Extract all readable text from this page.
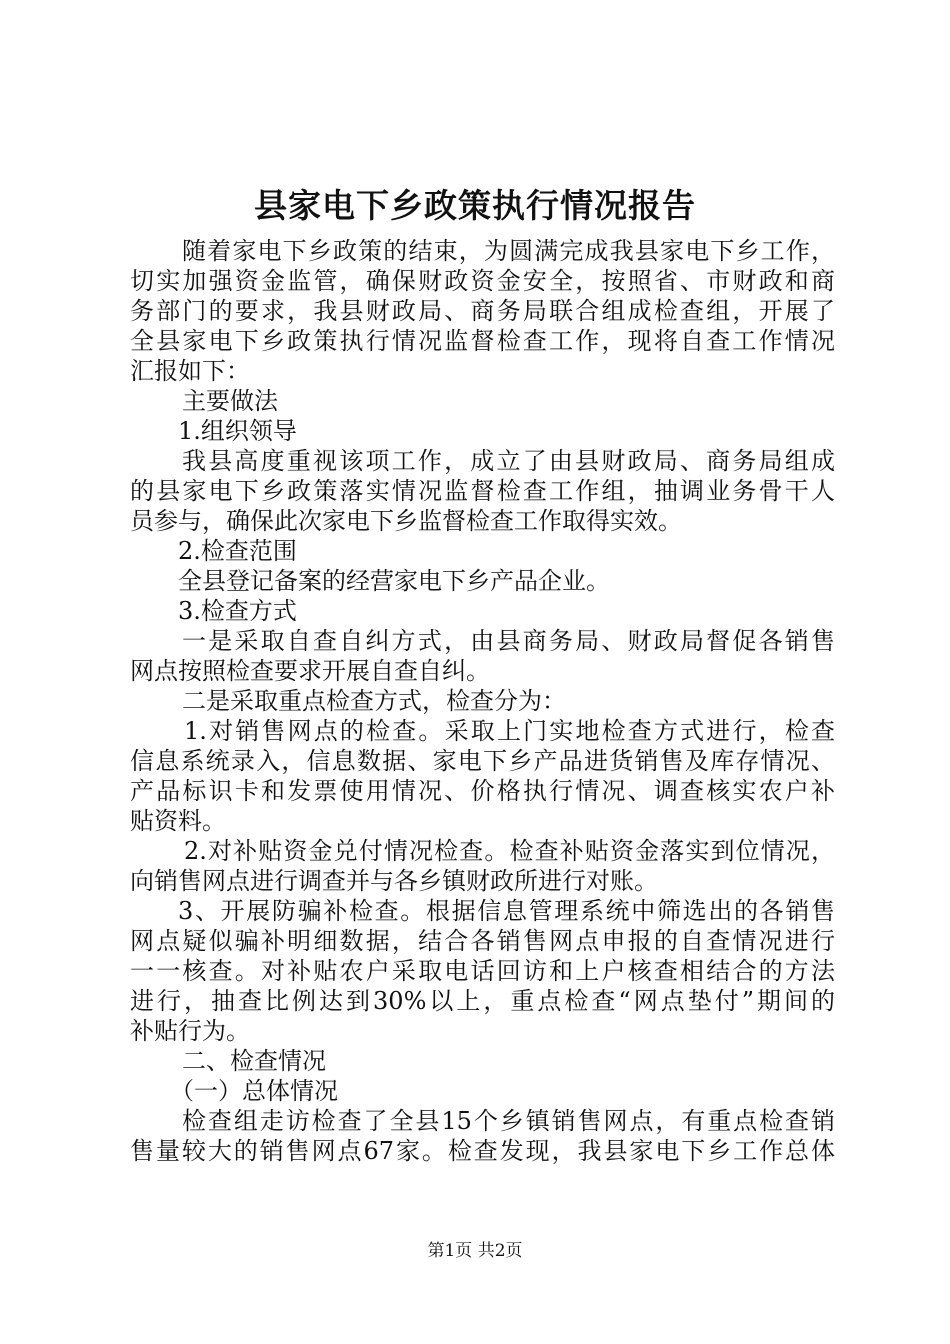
县家电下乡政策执行情况报告
随着家电下乡政策的结束，为圆满完成我县家电下乡工作，
切实加强资金监管，确保财政资金安全，按照省、市财政和商
务部门的要求，我县财政局、商务局联合组成检查组，开展了
全县家电下乡政策执行情况监督检查工作，现将自查工作情况
汇报如下：
主要做法
1.组织领导
我县高度重视该项工作，成立了由县财政局、商务局组成
的县家电下乡政策落实情况监督检查工作组，抽调业务骨干人
员参与，确保此次家电下乡监督检查工作取得实效。
2.检查范围
全县登记备案的经营家电下乡产品企业。
3.检查方式
一是采取自查自纠方式，由县商务局、财政局督促各销售
网点按照检查要求开展自查自纠。
二是采取重点检查方式，检查分为：
1.对销售网点的检查。采取上门实地检查方式进行，检查
信息系统录入，信息数据、家电下乡产品进货销售及库存情况、
产品标识卡和发票使用情况、价格执行情况、调查核实农户补
贴资料。
2.对补贴资金兑付情况检查。检查补贴资金落实到位情况，
向销售网点进行调查并与各乡镇财政所进行对账。
3、开展防骗补检查。根据信息管理系统中筛选出的各销售
网点疑似骗补明细数据，结合各销售网点申报的自查情况进行
一一核查。对补贴农户采取电话回访和上户核查相结合的方法
进行，抽查比例达到30%以上，重点检查“网点垫付”期间的
补贴行为。
二、检查情况
（一）总体情况
检查组走访检查了全县15个乡镇销售网点，有重点检查销
售量较大的销售网点67家。检查发现，我县家电下乡工作总体
第1页 共2页
